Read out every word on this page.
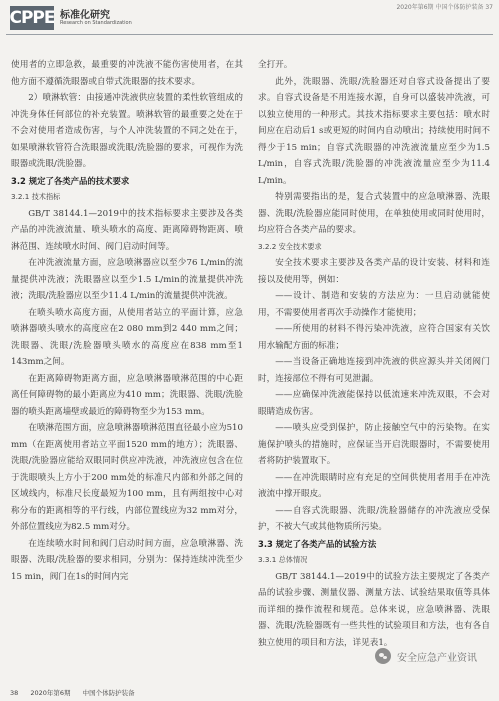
CPPE 标准化研究
Research on Standardization
2020年第6期 中国个体防护装备 37

使用者的立即急救，最重要的冲洗液不能伤害使用者，在其他方面不遵循洗眼器或自带式洗眼器的技术要求。

2）喷淋软管：由接通冲洗液供应装置的柔性软管组成的冲洗身体任何部位的补充装置。喷淋软管的最重要之处在于不会对使用者造成伤害，与个人冲洗装置的不同之处在于，如果喷淋软管符合洗眼器或洗眼/洗脸器的要求，可视作为洗眼器或洗眼/洗脸器。

3.2 规定了各类产品的技术要求

3.2.1 技术指标

GB/T 38144.1—2019中的技术指标要求主要涉及各类产品的冲洗液流量、喷头喷水的高度、距离障碍物距离、喷淋范围、连续喷水时间、阀门启动时间等。

在冲洗液流量方面，应急喷淋器应以至少76 L/min的流量提供冲洗液；洗眼器应以至少1.5 L/min的流量提供冲洗液；洗眼/洗脸器应以至少11.4 L/min的流量提供冲洗液。

在喷头喷水高度方面，从使用者站立的平面计算，应急喷淋器喷头喷水的高度应在2 080 mm到2 440 mm之间；洗眼器、洗眼/洗脸器喷头喷水的高度应在838 mm至1 143mm之间。

在距离障碍物距离方面，应急喷淋器喷淋范围的中心距离任何障碍物的最小距离应为410 mm；洗眼器、洗眼/洗脸器的喷头距离墙壁或最近的障碍物至少为153 mm。

在喷淋范围方面，应急喷淋器喷淋范围直径最小应为510 mm（在距离使用者站立平面1520 mm的地方）；洗眼器、洗眼/洗脸器应能给双眼同时供应冲洗液，冲洗液应包含在位于洗眼喷头上方小于200 mm处的标准尺内部和外部之间的区域线内，标准尺长度最短为100 mm，且有两组按中心对称分布的距离相等的平行线，内部位置线应为32 mm对分，外部位置线应为82.5 mm对分。

在连续喷水时间和阀门启动时间方面，应急喷淋器、洗眼器、洗眼/洗脸器的要求相同，分别为：保持连续冲洗至少15 min，阀门在1s的时间内完

全打开。

此外，洗眼器、洗眼/洗脸器还对自容式设备提出了要求。自容式设备是不用连接水源，自身可以盛装冲洗液，可以独立使用的一种形式。其技术指标要求主要包括：喷水时间应在启动后1 s或更短的时间内自动喷出；持续使用时间不得少于15 min；自容式洗眼器的冲洗液流量应至少为1.5 L/min，自容式洗眼/洗脸器的冲洗液流量应至少为11.4 L/min。

特别需要指出的是，复合式装置中的应急喷淋器、洗眼器、洗眼/洗脸器应能同时使用，在单独使用或同时使用时，均应符合各类产品的要求。

3.2.2 安全技术要求

安全技术要求主要涉及各类产品的设计安装、材料和连接以及使用等，例如：

——设计、制造和安装的方法应为：一旦启动就能使用，不需要使用者再次手动操作才能使用；

——所使用的材料不得污染冲洗液，应符合国家有关饮用水输配方面的标准；

——当设备正确地连接到冲洗液的供应源头并关闭阀门时，连接部位不得有可见泄漏。

——应确保冲洗液能保持以低流速来冲洗双眼，不会对眼睛造成伤害。

——喷头应受到保护，防止接触空气中的污染物。在实施保护喷头的措施时，应保证当开启洗眼器时，不需要使用者将防护装置取下。

——在冲洗眼睛时应有充足的空间供使用者用手在冲洗液流中撑开眼皮。

——自容式洗眼器、洗眼/洗脸器储存的冲洗液应受保护，不被大气或其他物质所污染。

3.3 规定了各类产品的试验方法

3.3.1 总体情况

GB/T 38144.1—2019中的试验方法主要规定了各类产品的试验步骤、测量仪器、测量方法、试验结果取值等具体而详细的操作流程和规范。总体来说，应急喷淋器、洗眼器、洗眼/洗脸器既有一些共性的试验项目和方法，也有各自独立使用的项目和方法，详见表1。

安全应急产业资讯
38 2020年第6期 中国个体防护装备
